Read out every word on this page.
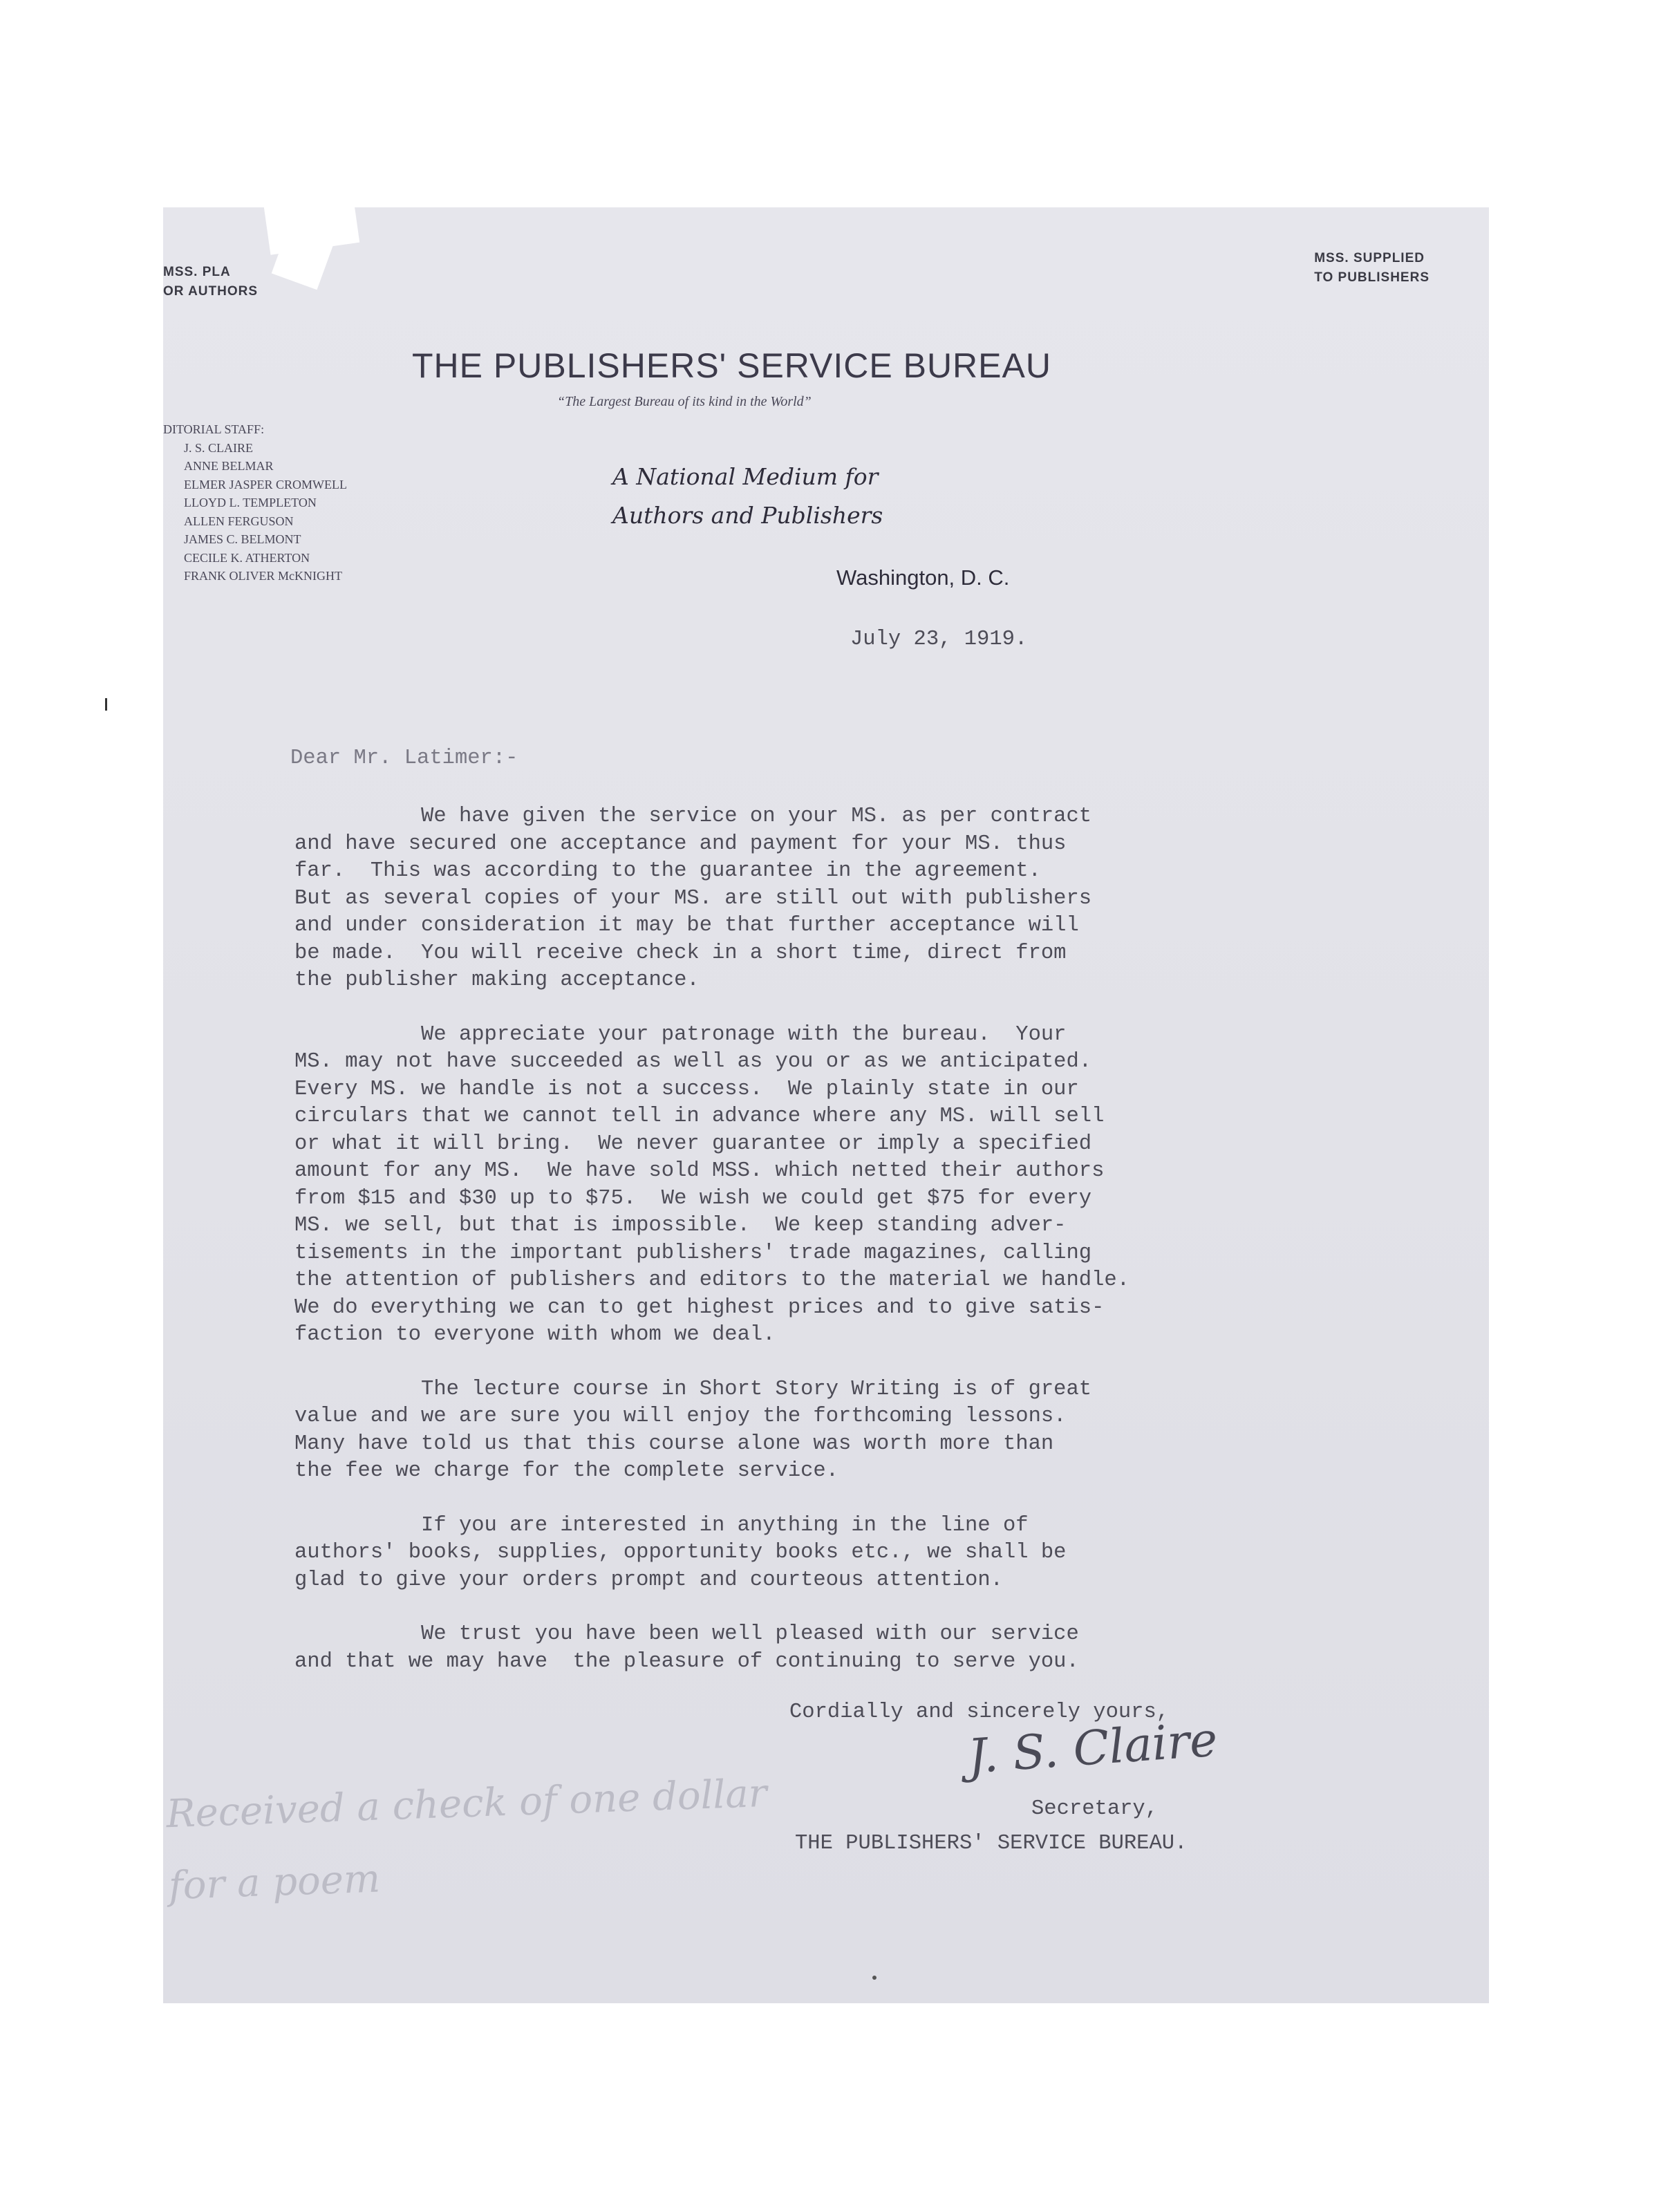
MSS. PLA
OR AUTHORS
MSS. SUPPLIED
TO PUBLISHERS
THE PUBLISHERS' SERVICE BUREAU
“The Largest Bureau of its kind in the World”
DITORIAL STAFF:
J. S. CLAIRE
ANNE BELMAR
ELMER JASPER CROMWELL
LLOYD L. TEMPLETON
ALLEN FERGUSON
JAMES C. BELMONT
CECILE K. ATHERTON
FRANK OLIVER McKNIGHT
A National Medium for
Authors and Publishers
Washington, D. C.
July 23, 1919.
Dear Mr. Latimer:-

We have given the service on your MS. as per contract
and have secured one acceptance and payment for your MS. thus
far.  This was according to the guarantee in the agreement.
But as several copies of your MS. are still out with publishers
and under consideration it may be that further acceptance will
be made.  You will receive check in a short time, direct from
the publisher making acceptance.

We appreciate your patronage with the bureau.  Your
MS. may not have succeeded as well as you or as we anticipated.
Every MS. we handle is not a success.  We plainly state in our
circulars that we cannot tell in advance where any MS. will sell
or what it will bring.  We never guarantee or imply a specified
amount for any MS.  We have sold MSS. which netted their authors
from $15 and $30 up to $75.  We wish we could get $75 for every
MS. we sell, but that is impossible.  We keep standing adver-
tisements in the important publishers' trade magazines, calling
the attention of publishers and editors to the material we handle.
We do everything we can to get highest prices and to give satis-
faction to everyone with whom we deal.

The lecture course in Short Story Writing is of great
value and we are sure you will enjoy the forthcoming lessons.
Many have told us that this course alone was worth more than
the fee we charge for the complete service.

If you are interested in anything in the line of
authors' books, supplies, opportunity books etc., we shall be
glad to give your orders prompt and courteous attention.

We trust you have been well pleased with our service
and that we may have  the pleasure of continuing to serve you.

Cordially and sincerely yours,
J. S. Claire
Secretary,
THE PUBLISHERS' SERVICE BUREAU.
Received a check of one dollar
for a poem
